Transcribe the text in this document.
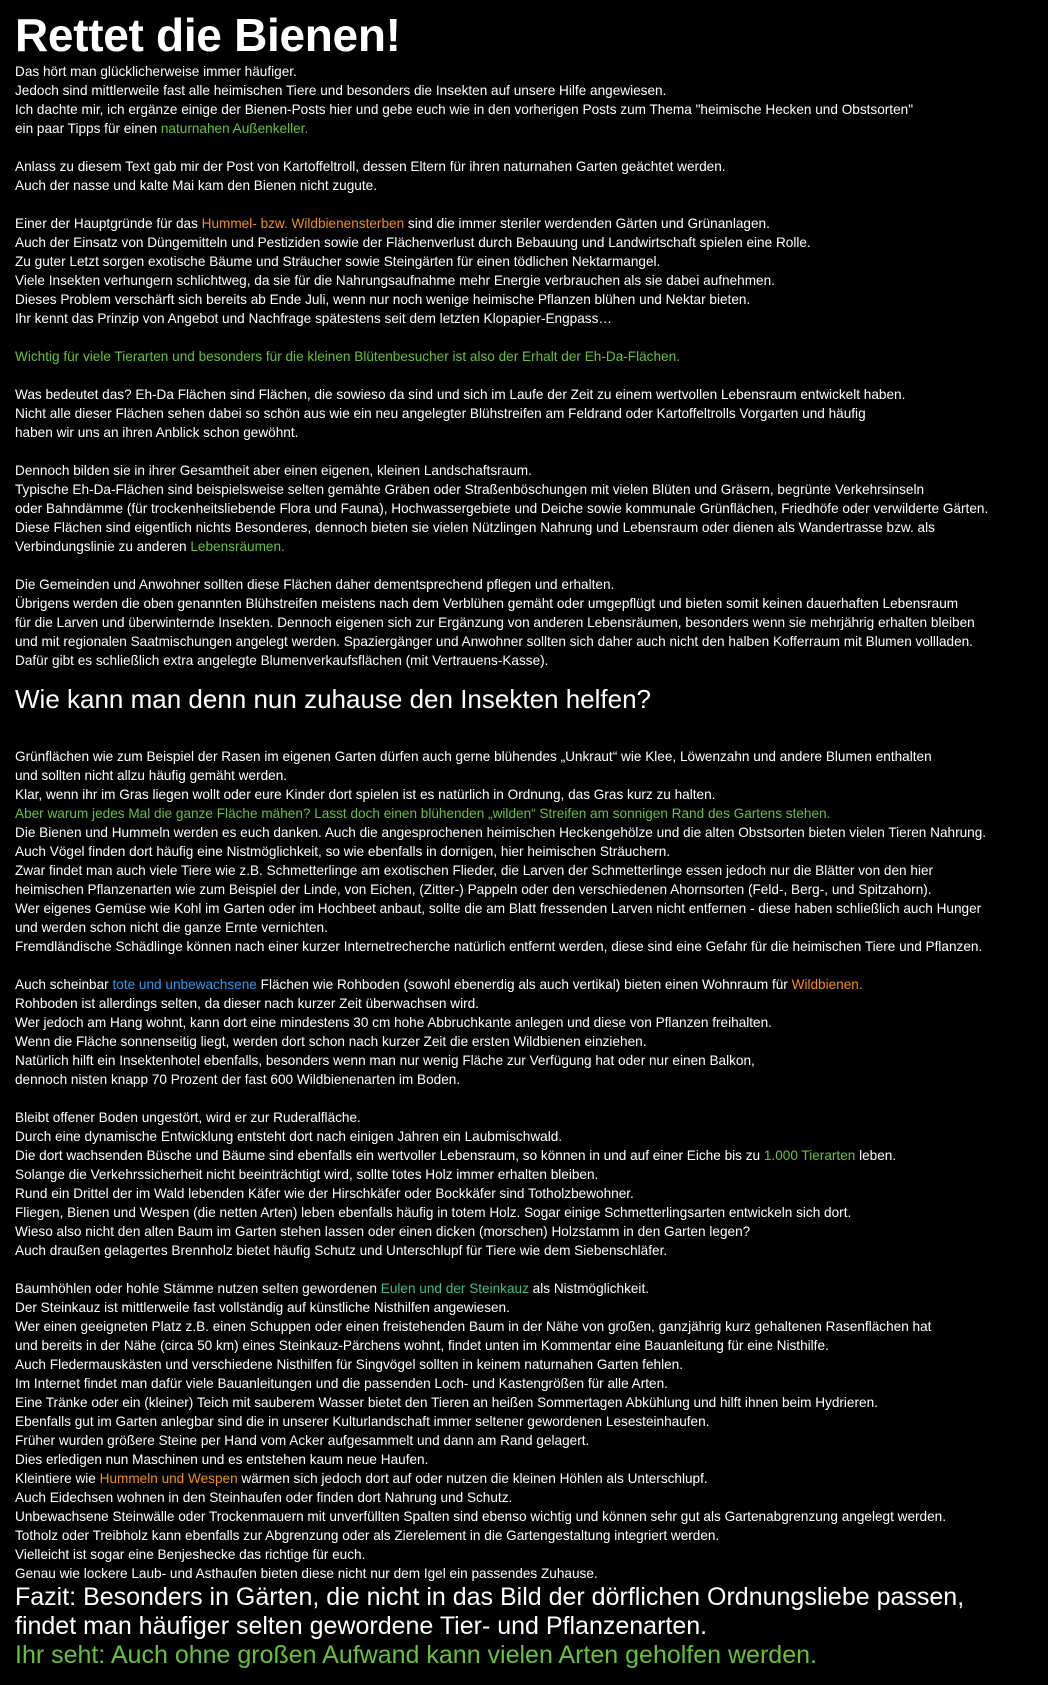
Rettet die Bienen!
Das hört man glücklicherweise immer häufiger.
Jedoch sind mittlerweile fast alle heimischen Tiere und besonders die Insekten auf unsere Hilfe angewiesen.
Ich dachte mir, ich ergänze einige der Bienen-Posts hier und gebe euch wie in den vorherigen Posts zum Thema "heimische Hecken und Obstsorten"
ein paar Tipps für einen naturnahen Außenkeller.
Anlass zu diesem Text gab mir der Post von Kartoffeltroll, dessen Eltern für ihren naturnahen Garten geächtet werden.
Auch der nasse und kalte Mai kam den Bienen nicht zugute.
Einer der Hauptgründe für das Hummel- bzw. Wildbienensterben sind die immer steriler werdenden Gärten und Grünanlagen.
Auch der Einsatz von Düngemitteln und Pestiziden sowie der Flächenverlust durch Bebauung und Landwirtschaft spielen eine Rolle.
Zu guter Letzt sorgen exotische Bäume und Sträucher sowie Steingärten für einen tödlichen Nektarmangel.
Viele Insekten verhungern schlichtweg, da sie für die Nahrungsaufnahme mehr Energie verbrauchen als sie dabei aufnehmen.
Dieses Problem verschärft sich bereits ab Ende Juli, wenn nur noch wenige heimische Pflanzen blühen und Nektar bieten.
Ihr kennt das Prinzip von Angebot und Nachfrage spätestens seit dem letzten Klopapier-Engpass…
Wichtig für viele Tierarten und besonders für die kleinen Blütenbesucher ist also der Erhalt der Eh-Da-Flächen.
Was bedeutet das? Eh-Da Flächen sind Flächen, die sowieso da sind und sich im Laufe der Zeit zu einem wertvollen Lebensraum entwickelt haben.
Nicht alle dieser Flächen sehen dabei so schön aus wie ein neu angelegter Blühstreifen am Feldrand oder Kartoffeltrolls Vorgarten und häufig
haben wir uns an ihren Anblick schon gewöhnt.
Dennoch bilden sie in ihrer Gesamtheit aber einen eigenen, kleinen Landschaftsraum.
Typische Eh-Da-Flächen sind beispielsweise selten gemähte Gräben oder Straßenböschungen mit vielen Blüten und Gräsern, begrünte Verkehrsinseln
oder Bahndämme (für trockenheitsliebende Flora und Fauna), Hochwassergebiete und Deiche sowie kommunale Grünflächen, Friedhöfe oder verwilderte Gärten.
Diese Flächen sind eigentlich nichts Besonderes, dennoch bieten sie vielen Nützlingen Nahrung und Lebensraum oder dienen als Wandertrasse bzw. als
Verbindungslinie zu anderen Lebensräumen.
Die Gemeinden und Anwohner sollten diese Flächen daher dementsprechend pflegen und erhalten.
Übrigens werden die oben genannten Blühstreifen meistens nach dem Verblühen gemäht oder umgepflügt und bieten somit keinen dauerhaften Lebensraum
für die Larven und überwinternde Insekten. Dennoch eigenen sich zur Ergänzung von anderen Lebensräumen, besonders wenn sie mehrjährig erhalten bleiben
und mit regionalen Saatmischungen angelegt werden. Spaziergänger und Anwohner sollten sich daher auch nicht den halben Kofferraum mit Blumen vollladen.
Dafür gibt es schließlich extra angelegte Blumenverkaufsflächen (mit Vertrauens-Kasse).
Wie kann man denn nun zuhause den Insekten helfen?
Grünflächen wie zum Beispiel der Rasen im eigenen Garten dürfen auch gerne blühendes „Unkraut“ wie Klee, Löwenzahn und andere Blumen enthalten
und sollten nicht allzu häufig gemäht werden.
Klar, wenn ihr im Gras liegen wollt oder eure Kinder dort spielen ist es natürlich in Ordnung, das Gras kurz zu halten.
Aber warum jedes Mal die ganze Fläche mähen? Lasst doch einen blühenden „wilden“ Streifen am sonnigen Rand des Gartens stehen.
Die Bienen und Hummeln werden es euch danken. Auch die angesprochenen heimischen Heckengehölze und die alten Obstsorten bieten vielen Tieren Nahrung.
Auch Vögel finden dort häufig eine Nistmöglichkeit, so wie ebenfalls in dornigen, hier heimischen Sträuchern.
Zwar findet man auch viele Tiere wie z.B. Schmetterlinge am exotischen Flieder, die Larven der Schmetterlinge essen jedoch nur die Blätter von den hier
heimischen Pflanzenarten wie zum Beispiel der Linde, von Eichen, (Zitter-) Pappeln oder den verschiedenen Ahornsorten (Feld-, Berg-, und Spitzahorn).
Wer eigenes Gemüse wie Kohl im Garten oder im Hochbeet anbaut, sollte die am Blatt fressenden Larven nicht entfernen - diese haben schließlich auch Hunger
und werden schon nicht die ganze Ernte vernichten.
Fremdländische Schädlinge können nach einer kurzer Internetrecherche natürlich entfernt werden, diese sind eine Gefahr für die heimischen Tiere und Pflanzen.
Auch scheinbar tote und unbewachsene Flächen wie Rohboden (sowohl ebenerdig als auch vertikal) bieten einen Wohnraum für Wildbienen.
Rohboden ist allerdings selten, da dieser nach kurzer Zeit überwachsen wird.
Wer jedoch am Hang wohnt, kann dort eine mindestens 30 cm hohe Abbruchkante anlegen und diese von Pflanzen freihalten.
Wenn die Fläche sonnenseitig liegt, werden dort schon nach kurzer Zeit die ersten Wildbienen einziehen.
Natürlich hilft ein Insektenhotel ebenfalls, besonders wenn man nur wenig Fläche zur Verfügung hat oder nur einen Balkon,
dennoch nisten knapp 70 Prozent der fast 600 Wildbienenarten im Boden.
Bleibt offener Boden ungestört, wird er zur Ruderalfläche.
Durch eine dynamische Entwicklung entsteht dort nach einigen Jahren ein Laubmischwald.
Die dort wachsenden Büsche und Bäume sind ebenfalls ein wertvoller Lebensraum, so können in und auf einer Eiche bis zu 1.000 Tierarten leben.
Solange die Verkehrssicherheit nicht beeinträchtigt wird, sollte totes Holz immer erhalten bleiben.
Rund ein Drittel der im Wald lebenden Käfer wie der Hirschkäfer oder Bockkäfer sind Totholzbewohner.
Fliegen, Bienen und Wespen (die netten Arten) leben ebenfalls häufig in totem Holz. Sogar einige Schmetterlingsarten entwickeln sich dort.
Wieso also nicht den alten Baum im Garten stehen lassen oder einen dicken (morschen) Holzstamm in den Garten legen?
Auch draußen gelagertes Brennholz bietet häufig Schutz und Unterschlupf für Tiere wie dem Siebenschläfer.
Baumhöhlen oder hohle Stämme nutzen selten gewordenen Eulen und der Steinkauz als Nistmöglichkeit.
Der Steinkauz ist mittlerweile fast vollständig auf künstliche Nisthilfen angewiesen.
Wer einen geeigneten Platz z.B. einen Schuppen oder einen freistehenden Baum in der Nähe von großen, ganzjährig kurz gehaltenen Rasenflächen hat
und bereits in der Nähe (circa 50 km) eines Steinkauz-Pärchens wohnt, findet unten im Kommentar eine Bauanleitung für eine Nisthilfe.
Auch Fledermauskästen und verschiedene Nisthilfen für Singvögel sollten in keinem naturnahen Garten fehlen.
Im Internet findet man dafür viele Bauanleitungen und die passenden Loch- und Kastengrößen für alle Arten.
Eine Tränke oder ein (kleiner) Teich mit sauberem Wasser bietet den Tieren an heißen Sommertagen Abkühlung und hilft ihnen beim Hydrieren.
Ebenfalls gut im Garten anlegbar sind die in unserer Kulturlandschaft immer seltener gewordenen Lesesteinhaufen.
Früher wurden größere Steine per Hand vom Acker aufgesammelt und dann am Rand gelagert.
Dies erledigen nun Maschinen und es entstehen kaum neue Haufen.
Kleintiere wie Hummeln und Wespen wärmen sich jedoch dort auf oder nutzen die kleinen Höhlen als Unterschlupf.
Auch Eidechsen wohnen in den Steinhaufen oder finden dort Nahrung und Schutz.
Unbewachsene Steinwälle oder Trockenmauern mit unverfüllten Spalten sind ebenso wichtig und können sehr gut als Gartenabgrenzung angelegt werden.
Totholz oder Treibholz kann ebenfalls zur Abgrenzung oder als Zierelement in die Gartengestaltung integriert werden.
Vielleicht ist sogar eine Benjeshecke das richtige für euch.
Genau wie lockere Laub- und Asthaufen bieten diese nicht nur dem Igel ein passendes Zuhause.
Fazit: Besonders in Gärten, die nicht in das Bild der dörflichen Ordnungsliebe passen,
findet man häufiger selten gewordene Tier- und Pflanzenarten.
Ihr seht: Auch ohne großen Aufwand kann vielen Arten geholfen werden.
